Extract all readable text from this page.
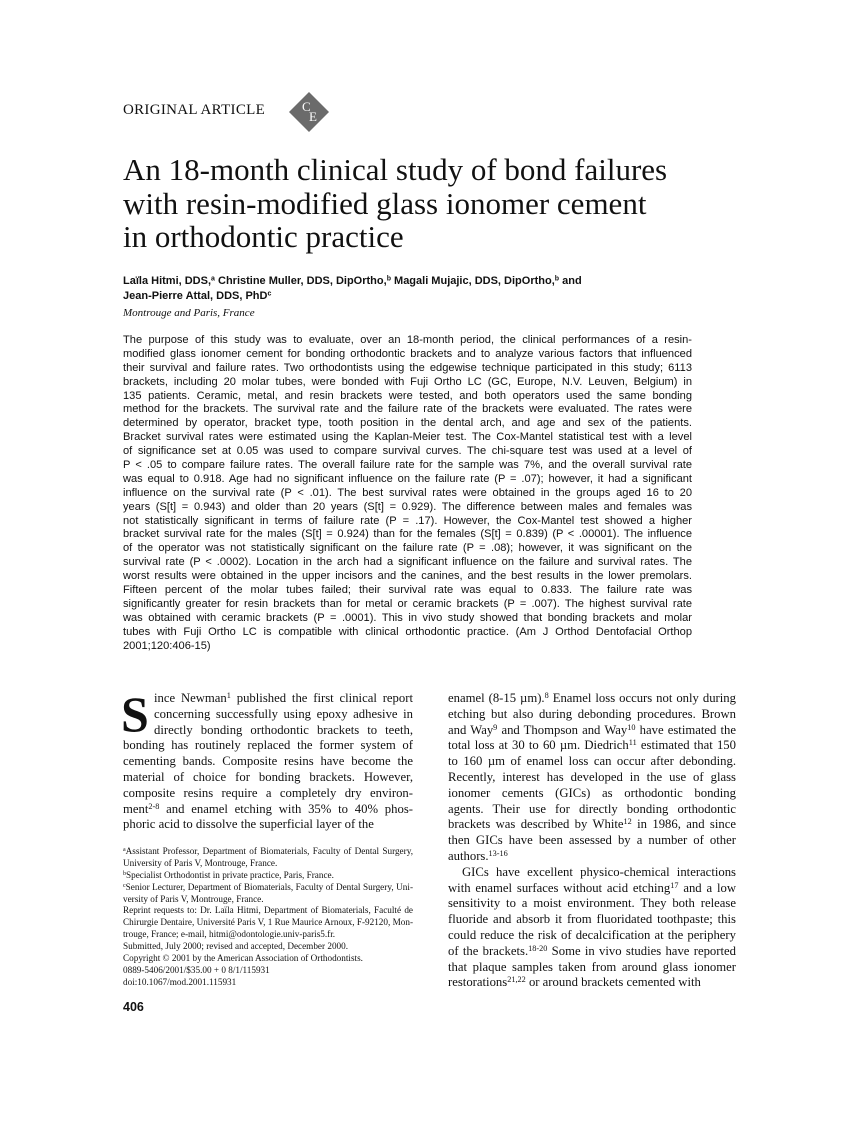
ORIGINAL ARTICLE	C
E
An 18-month clinical study of bond failures
with resin-modified glass ionomer cement
in orthodontic practice
Laïla Hitmi, DDS,$^a$ Christine Muller, DDS, DipOrtho,$^b$ Magali Mujajic, DDS, DipOrtho,$^b$ and
Jean-Pierre Attal, DDS, PhD$^c$
Montrouge and Paris, France
The purpose of this study was to evaluate, over an 18-month period, the clinical performances of a resin-
modified glass ionomer cement for bonding orthodontic brackets and to analyze various factors that influenced
their survival and failure rates. Two orthodontists using the edgewise technique participated in this study; 6113
brackets, including 20 molar tubes, were bonded with Fuji Ortho LC (GC, Europe, N.V. Leuven, Belgium) in
135 patients. Ceramic, metal, and resin brackets were tested, and both operators used the same bonding
method for the brackets. The survival rate and the failure rate of the brackets were evaluated. The rates were
determined by operator, bracket type, tooth position in the dental arch, and age and sex of the patients.
Bracket survival rates were estimated using the Kaplan-Meier test. The Cox-Mantel statistical test with a level
of significance set at 0.05 was used to compare survival curves. The chi-square test was used at a level of
P < .05 to compare failure rates. The overall failure rate for the sample was 7%, and the overall survival rate
was equal to 0.918. Age had no significant influence on the failure rate (P = .07); however, it had a significant
influence on the survival rate (P < .01). The best survival rates were obtained in the groups aged 16 to 20
years (S[t] = 0.943) and older than 20 years (S[t] = 0.929). The difference between males and females was
not statistically significant in terms of failure rate (P = .17). However, the Cox-Mantel test showed a higher
bracket survival rate for the males (S[t] = 0.924) than for the females (S[t] = 0.839) (P < .00001). The influence
of the operator was not statistically significant on the failure rate (P = .08); however, it was significant on the
survival rate (P < .0002). Location in the arch had a significant influence on the failure and survival rates. The
worst results were obtained in the upper incisors and the canines, and the best results in the lower premolars.
Fifteen percent of the molar tubes failed; their survival rate was equal to 0.833. The failure rate was
significantly greater for resin brackets than for metal or ceramic brackets (P = .007). The highest survival rate
was obtained with ceramic brackets (P = .0001). This in vivo study showed that bonding brackets and molar
tubes with Fuji Ortho LC is compatible with clinical orthodontic practice. (Am J Orthod Dentofacial Orthop
2001;120:406-15)
S ince Newman$^1$ published the first clinical report
concerning successfully using epoxy adhesive in
directly bonding orthodontic brackets to teeth,
bonding has routinely replaced the former system of
cementing bands. Composite resins have become the
material of choice for bonding brackets. However,
composite resins require a completely dry environ-
ment$^{2-8}$ and enamel etching with 35% to 40% phos-
phoric acid to dissolve the superficial layer of the
$^a$Assistant Professor, Department of Biomaterials, Faculty of Dental Surgery,
University of Paris V, Montrouge, France.
$^b$Specialist Orthodontist in private practice, Paris, France.
$^c$Senior Lecturer, Department of Biomaterials, Faculty of Dental Surgery, Uni-
versity of Paris V, Montrouge, France.
Reprint requests to: Dr. Laïla Hitmi, Department of Biomaterials, Faculté de
Chirurgie Dentaire, Université Paris V, 1 Rue Maurice Arnoux, F-92120, Mon-
trouge, France; e-mail, hitmi@odontologie.univ-paris5.fr.
Submitted, July 2000; revised and accepted, December 2000.
Copyright © 2001 by the American Association of Orthodontists.
0889-5406/2001/$35.00 + 0 8/1/115931
doi:10.1067/mod.2001.115931
406
enamel (8-15 µm).$^8$ Enamel loss occurs not only during
etching but also during debonding procedures. Brown
and Way$^9$ and Thompson and Way$^{10}$ have estimated the
total loss at 30 to 60 µm. Diedrich$^{11}$ estimated that 150
to 160 µm of enamel loss can occur after debonding.
Recently, interest has developed in the use of glass
ionomer cements (GICs) as orthodontic bonding
agents. Their use for directly bonding orthodontic
brackets was described by White$^{12}$ in 1986, and since
then GICs have been assessed by a number of other
authors.$^{13-16}$
GICs have excellent physico-chemical interactions
with enamel surfaces without acid etching$^{17}$ and a low
sensitivity to a moist environment. They both release
fluoride and absorb it from fluoridated toothpaste; this
could reduce the risk of decalcification at the periphery
of the brackets.$^{18-20}$ Some in vivo studies have reported
that plaque samples taken from around glass ionomer
restorations$^{21,22}$ or around brackets cemented with
